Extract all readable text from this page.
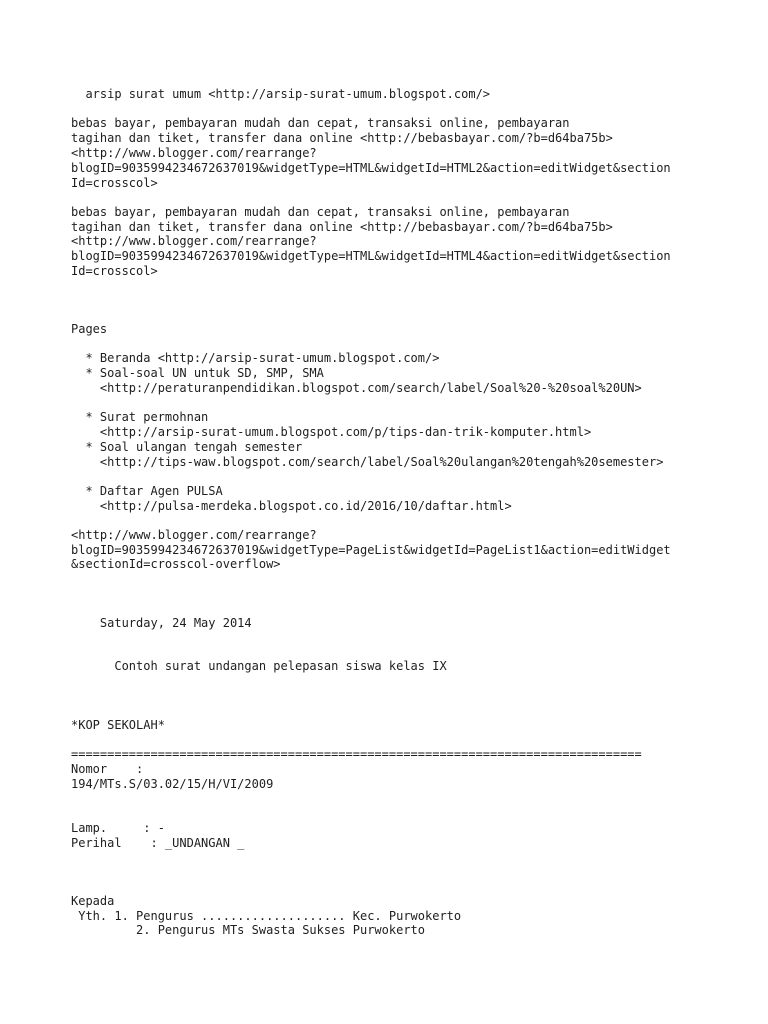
arsip surat umum <http://arsip-surat-umum.blogspot.com/>
bebas bayar, pembayaran mudah dan cepat, transaksi online, pembayaran
tagihan dan tiket, transfer dana online <http://bebasbayar.com/?b=d64ba75b>
<http://www.blogger.com/rearrange?
blogID=9035994234672637019&widgetType=HTML&widgetId=HTML2&action=editWidget&section
Id=crosscol>
bebas bayar, pembayaran mudah dan cepat, transaksi online, pembayaran
tagihan dan tiket, transfer dana online <http://bebasbayar.com/?b=d64ba75b>
<http://www.blogger.com/rearrange?
blogID=9035994234672637019&widgetType=HTML&widgetId=HTML4&action=editWidget&section
Id=crosscol>
Pages
* Beranda <http://arsip-surat-umum.blogspot.com/>
* Soal-soal UN untuk SD, SMP, SMA
<http://peraturanpendidikan.blogspot.com/search/label/Soal%20-%20soal%20UN>
* Surat permohnan
<http://arsip-surat-umum.blogspot.com/p/tips-dan-trik-komputer.html>
* Soal ulangan tengah semester
<http://tips-waw.blogspot.com/search/label/Soal%20ulangan%20tengah%20semester>
* Daftar Agen PULSA
<http://pulsa-merdeka.blogspot.co.id/2016/10/daftar.html>
<http://www.blogger.com/rearrange?
blogID=9035994234672637019&widgetType=PageList&widgetId=PageList1&action=editWidget
&sectionId=crosscol-overflow>
Saturday, 24 May 2014
Contoh surat undangan pelepasan siswa kelas IX
*KOP SEKOLAH*
===============================================================================
Nomor    :
194/MTs.S/03.02/15/H/VI/2009
Lamp.     : -
Perihal    : _UNDANGAN _
Kepada
Yth. 1. Pengurus .................... Kec. Purwokerto
2. Pengurus MTs Swasta Sukses Purwokerto
